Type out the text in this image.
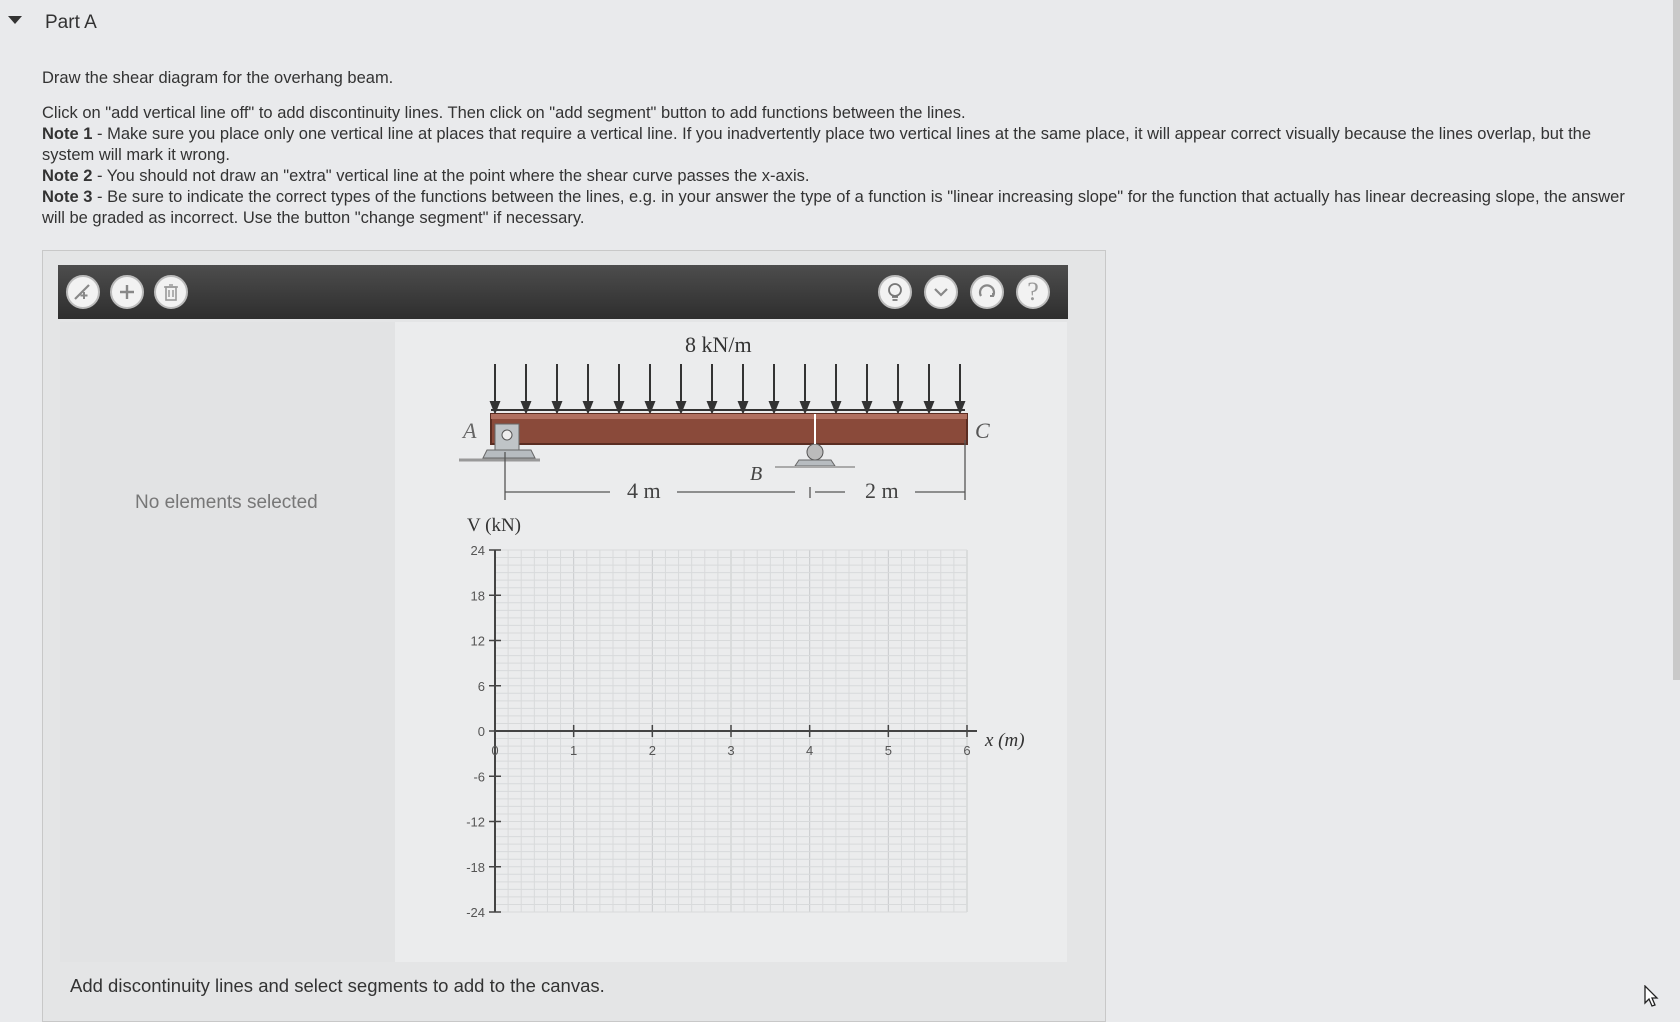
Part A

Draw the shear diagram for the overhang beam.

Click on "add vertical line off" to add discontinuity lines. Then click on "add segment" button to add functions between the lines.

Note 1 - Make sure you place only one vertical line at places that require a vertical line. If you inadvertently place two vertical lines at the same place, it will appear correct visually because the lines overlap, but the system will mark it wrong.

Note 2 - You should not draw an "extra" vertical line at the point where the shear curve passes the x-axis.

Note 3 - Be sure to indicate the correct types of the functions between the lines, e.g. in your answer the type of a function is "linear increasing slope" for the function that actually has linear decreasing slope, the answer will be graded as incorrect. Use the button "change segment" if necessary.

?
No elements selected
8 kN/m
A
B
C
4 m	2 m
V (kN)
x (m)
24
18
12
6
0
-6
-12
-18
-24
0	1	2	3	4	5	6
Add discontinuity lines and select segments to add to the canvas.
